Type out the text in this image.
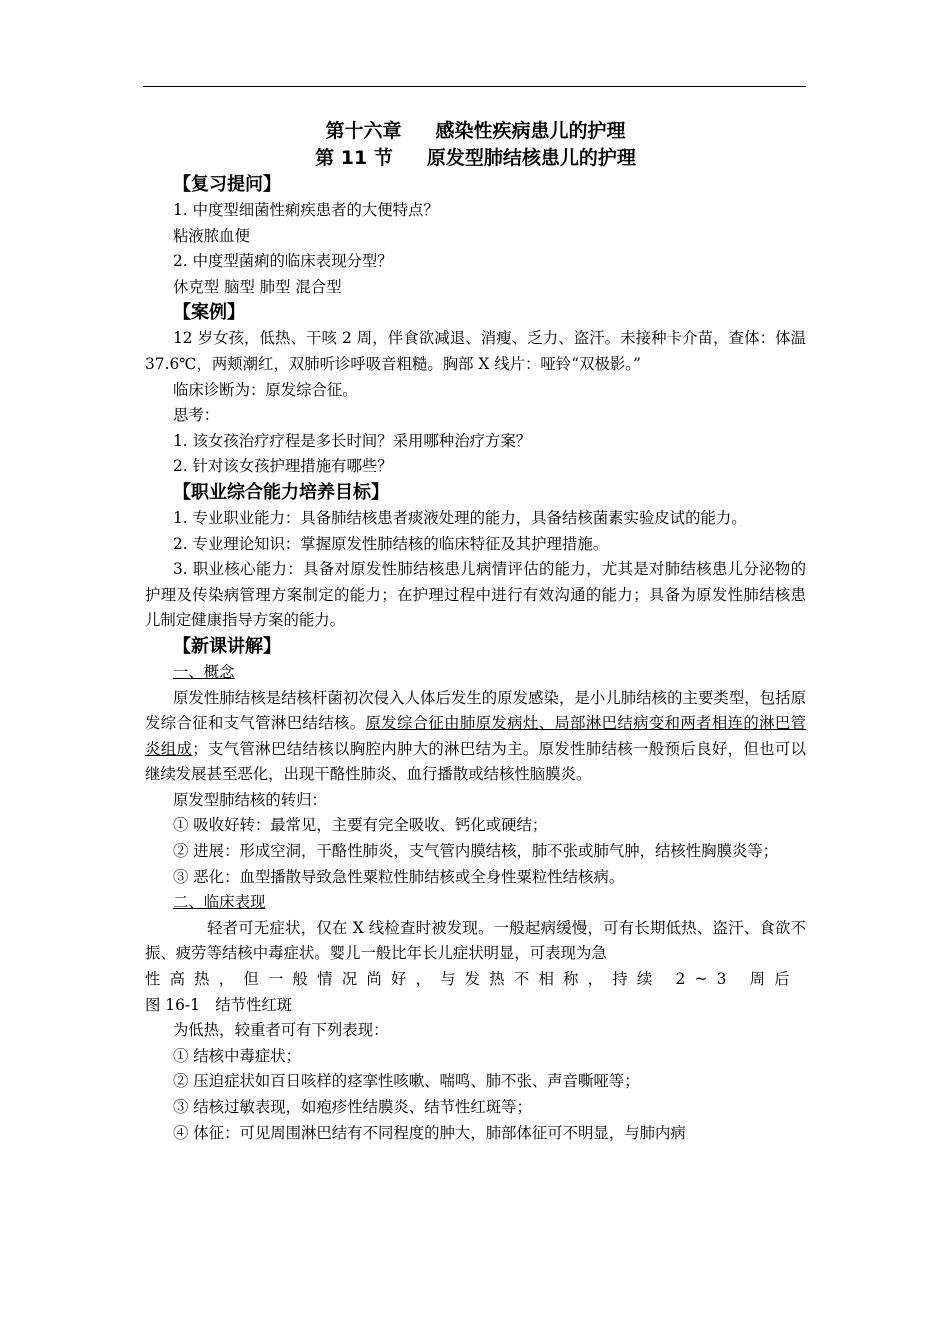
第十六章 感染性疾病患儿的护理

第 11 节 原发型肺结核患儿的护理

【复习提问】

1. 中度型细菌性痢疾患者的大便特点？

粘液脓血便

2. 中度型菌痢的临床表现分型？

休克型 脑型 肺型 混合型

【案例】

12 岁女孩，低热、干咳 2 周，伴食欲减退、消瘦、乏力、盗汗。未接种卡介苗，查体：体温 37.6℃，两颊潮红，双肺听诊呼吸音粗糙。胸部 X 线片：哑铃“双极影。”

临床诊断为：原发综合征。

思考：

1. 该女孩治疗疗程是多长时间？采用哪种治疗方案？

2. 针对该女孩护理措施有哪些？

【职业综合能力培养目标】

1. 专业职业能力：具备肺结核患者痰液处理的能力，具备结核菌素实验皮试的能力。

2. 专业理论知识：掌握原发性肺结核的临床特征及其护理措施。

3. 职业核心能力：具备对原发性肺结核患儿病情评估的能力，尤其是对肺结核患儿分泌物的护理及传染病管理方案制定的能力；在护理过程中进行有效沟通的能力；具备为原发性肺结核患儿制定健康指导方案的能力。

【新课讲解】

一、概念

原发性肺结核是结核杆菌初次侵入人体后发生的原发感染，是小儿肺结核的主要类型，包括原发综合征和支气管淋巴结结核。原发综合征由肺原发病灶、局部淋巴结病变和两者相连的淋巴管炎组成；支气管淋巴结结核以胸腔内肿大的淋巴结为主。原发性肺结核一般预后良好，但也可以继续发展甚至恶化，出现干酪性肺炎、血行播散或结核性脑膜炎。

原发型肺结核的转归：

① 吸收好转：最常见，主要有完全吸收、钙化或硬结；

② 进展：形成空洞，干酪性肺炎，支气管内膜结核，肺不张或肺气肿，结核性胸膜炎等；

③ 恶化：血型播散导致急性粟粒性肺结核或全身性粟粒性结核病。

二、临床表现

轻者可无症状，仅在 X 线检查时被发现。一般起病缓慢，可有长期低热、盗汗、食欲不振、疲劳等结核中毒症状。婴儿一般比年长儿症状明显，可表现为急

性高热，但一般情况尚好，与发热不相称，持续 2~3 周后

图 16-1　结节性红斑

为低热，较重者可有下列表现：

① 结核中毒症状；

② 压迫症状如百日咳样的痉挛性咳嗽、喘鸣、肺不张、声音嘶哑等；

③ 结核过敏表现，如疱疹性结膜炎、结节性红斑等；

④ 体征：可见周围淋巴结有不同程度的肿大，肺部体征可不明显，与肺内病
